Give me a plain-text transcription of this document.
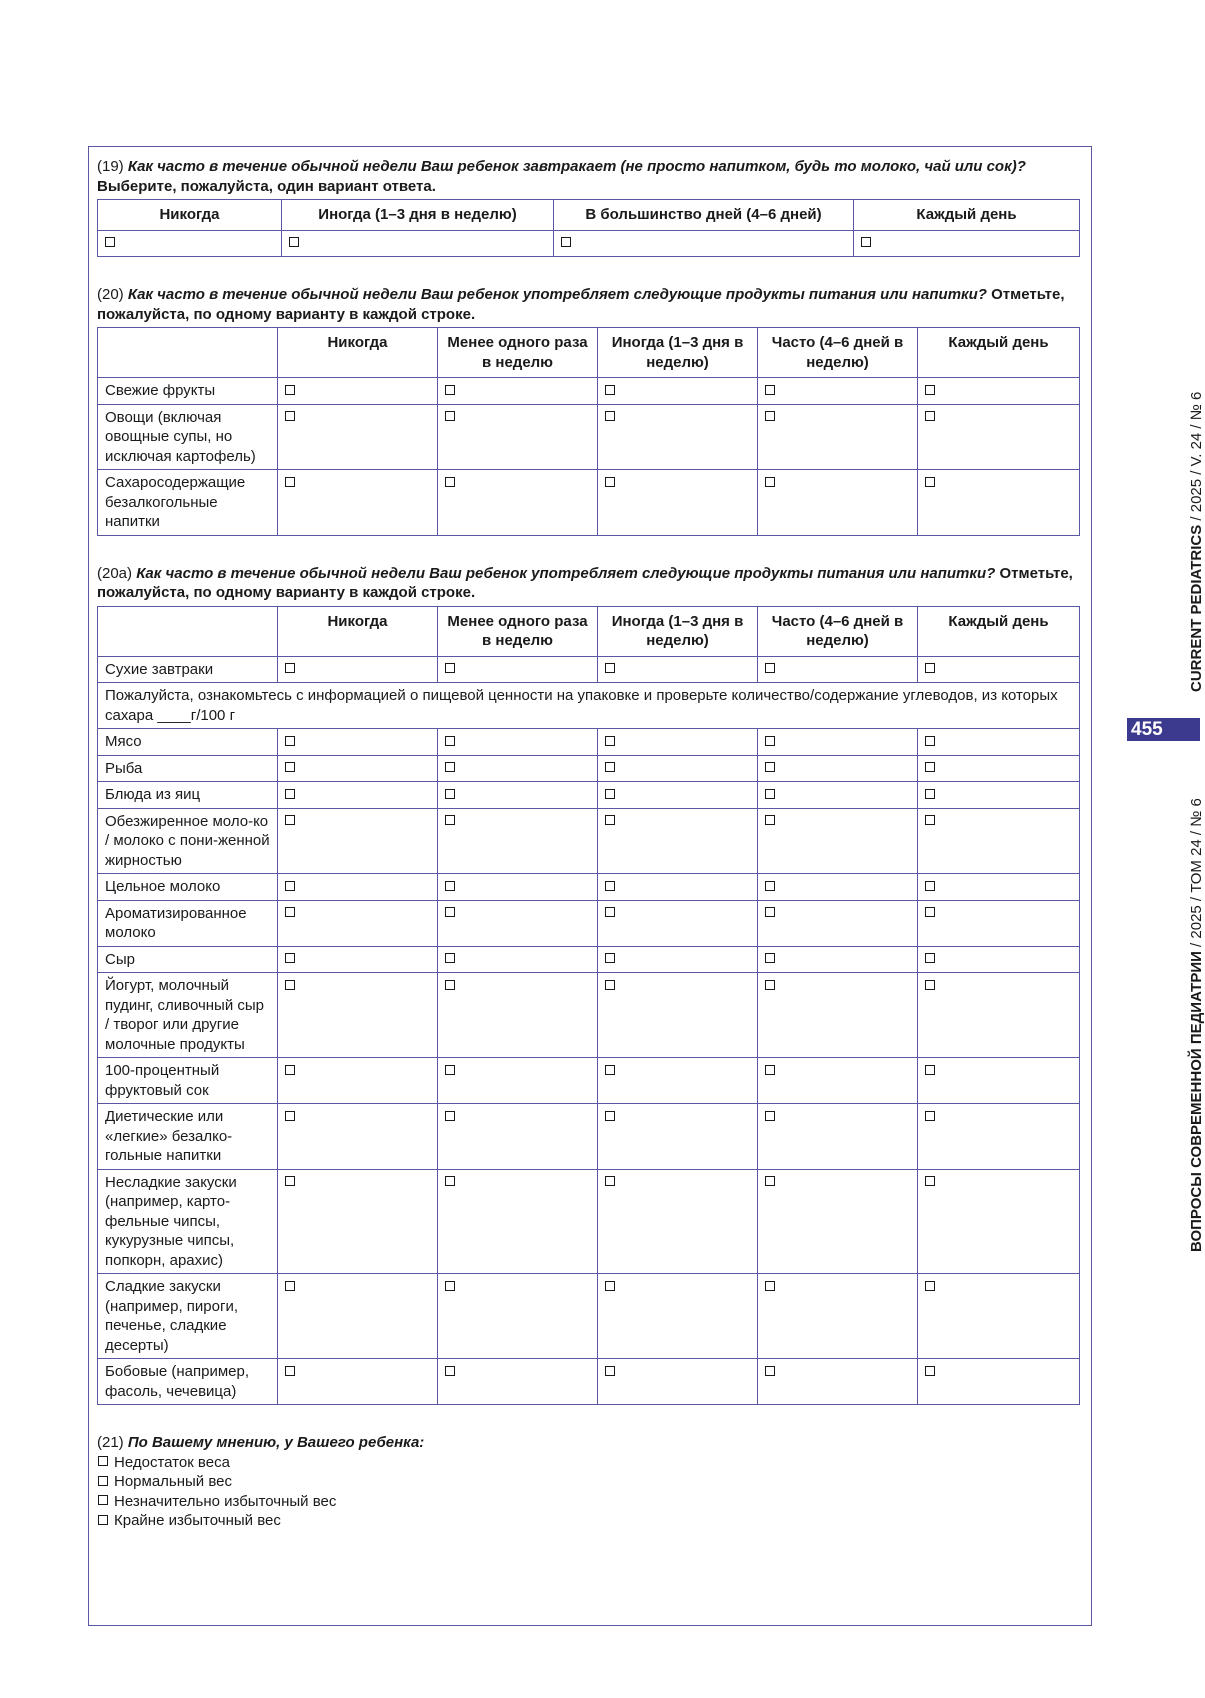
(19) Как часто в течение обычной недели Ваш ребенок завтракает (не просто напитком, будь то молоко, чай или сок)?
Выберите, пожалуйста, один вариант ответа.

Никогда	Иногда (1–3 дня в неделю)	В большинство дней (4–6 дней)	Каждый день

(20) Как часто в течение обычной недели Ваш ребенок употребляет следующие продукты питания или напитки? Отметьте, пожалуйста, по одному варианту в каждой строке.

	Никогда	Менее одного раза в неделю	Иногда (1–3 дня в неделю)	Часто (4–6 дней в неделю)	Каждый день
Свежие фрукты					
Овощи (включая овощные супы, но исключая картофель)					
Сахаросодержащие безалкогольные напитки					

(20a) Как часто в течение обычной недели Ваш ребенок употребляет следующие продукты питания или напитки? Отметьте, пожалуйста, по одному варианту в каждой строке.

	Никогда	Менее одного раза в неделю	Иногда (1–3 дня в неделю)	Часто (4–6 дней в неделю)	Каждый день
Сухие завтраки					
Пожалуйста, ознакомьтесь с информацией о пищевой ценности на упаковке и проверьте количество/содержание углеводов, из которых сахара ____г/100 г					
Мясо					
Рыба					
Блюда из яиц					
Обезжиренное моло-ко / молоко с пони-женной жирностью					
Цельное молоко					
Ароматизированное молоко					
Сыр					
Йогурт, молочный пудинг, сливочный сыр / творог или другие молочные продукты					
100-процентный фруктовый сок					
Диетические или «легкие» безалко-гольные напитки					
Несладкие закуски (например, карто-фельные чипсы, кукурузные чипсы, попкорн, арахис)					
Сладкие закуски (например, пироги, печенье, сладкие десерты)					
Бобовые (например, фасоль, чечевица)					

(21) По Вашему мнению, у Вашего ребенка:

Недостаток веса
Нормальный вес
Незначительно избыточный вес
Крайне избыточный вес
CURRENT PEDIATRICS / 2025 / V. 24 / № 6
455
ВОПРОСЫ СОВРЕМЕННОЙ ПЕДИАТРИИ / 2025 / ТОМ 24 / № 6
